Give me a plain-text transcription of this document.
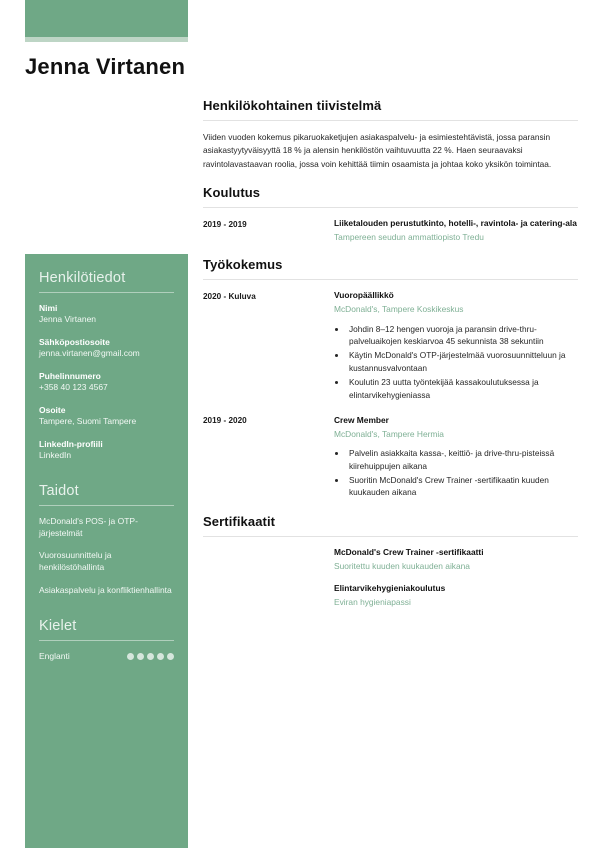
Jenna Virtanen
Henkilötiedot
Nimi
Jenna Virtanen
Sähköpostiosoite
jenna.virtanen@gmail.com
Puhelinnumero
+358 40 123 4567
Osoite
Tampere, Suomi Tampere
LinkedIn-profiili
LinkedIn
Taidot
McDonald's POS- ja OTP-järjestelmät
Vuorosuunnittelu ja henkilöstöhallinta
Asiakaspalvelu ja konfliktienhallinta
Kielet
Englanti
Henkilökohtainen tiivistelmä

Viiden vuoden kokemus pikaruokaketjujen asiakaspalvelu- ja esimiestehtävistä, jossa paransin asiakastyytyväisyyttä 18 % ja alensin henkilöstön vaihtuvuutta 22 %. Haen seuraavaksi ravintolavastaavan roolia, jossa voin kehittää tiimin osaamista ja johtaa koko yksikön toimintaa.

Koulutus
2019 - 2019	Liiketalouden perustutkinto, hotelli-, ravintola- ja catering-ala
Tampereen seudun ammattiopisto Tredu
Työkokemus
2020 - Kuluva	Vuoropäällikkö
McDonald's, Tampere Koskikeskus
• Johdin 8–12 hengen vuoroja ja paransin drive-thru-palveluaikojen keskiarvoa 45 sekunnista 38 sekuntiin
• Käytin McDonald's OTP-järjestelmää vuorosuunnitteluun ja kustannusvalvontaan
• Koulutin 23 uutta työntekijää kassakoulutuksessa ja elintarvikehygieniassa
2019 - 2020	Crew Member
McDonald's, Tampere Hermia
• Palvelin asiakkaita kassa-, keittiö- ja drive-thru-pisteissä kiirehuippujen aikana
• Suoritin McDonald's Crew Trainer -sertifikaatin kuuden kuukauden aikana
Sertifikaatit
McDonald's Crew Trainer -sertifikaatti
Suoritettu kuuden kuukauden aikana
Elintarvikehygieniakoulutus
Eviran hygieniapassi
